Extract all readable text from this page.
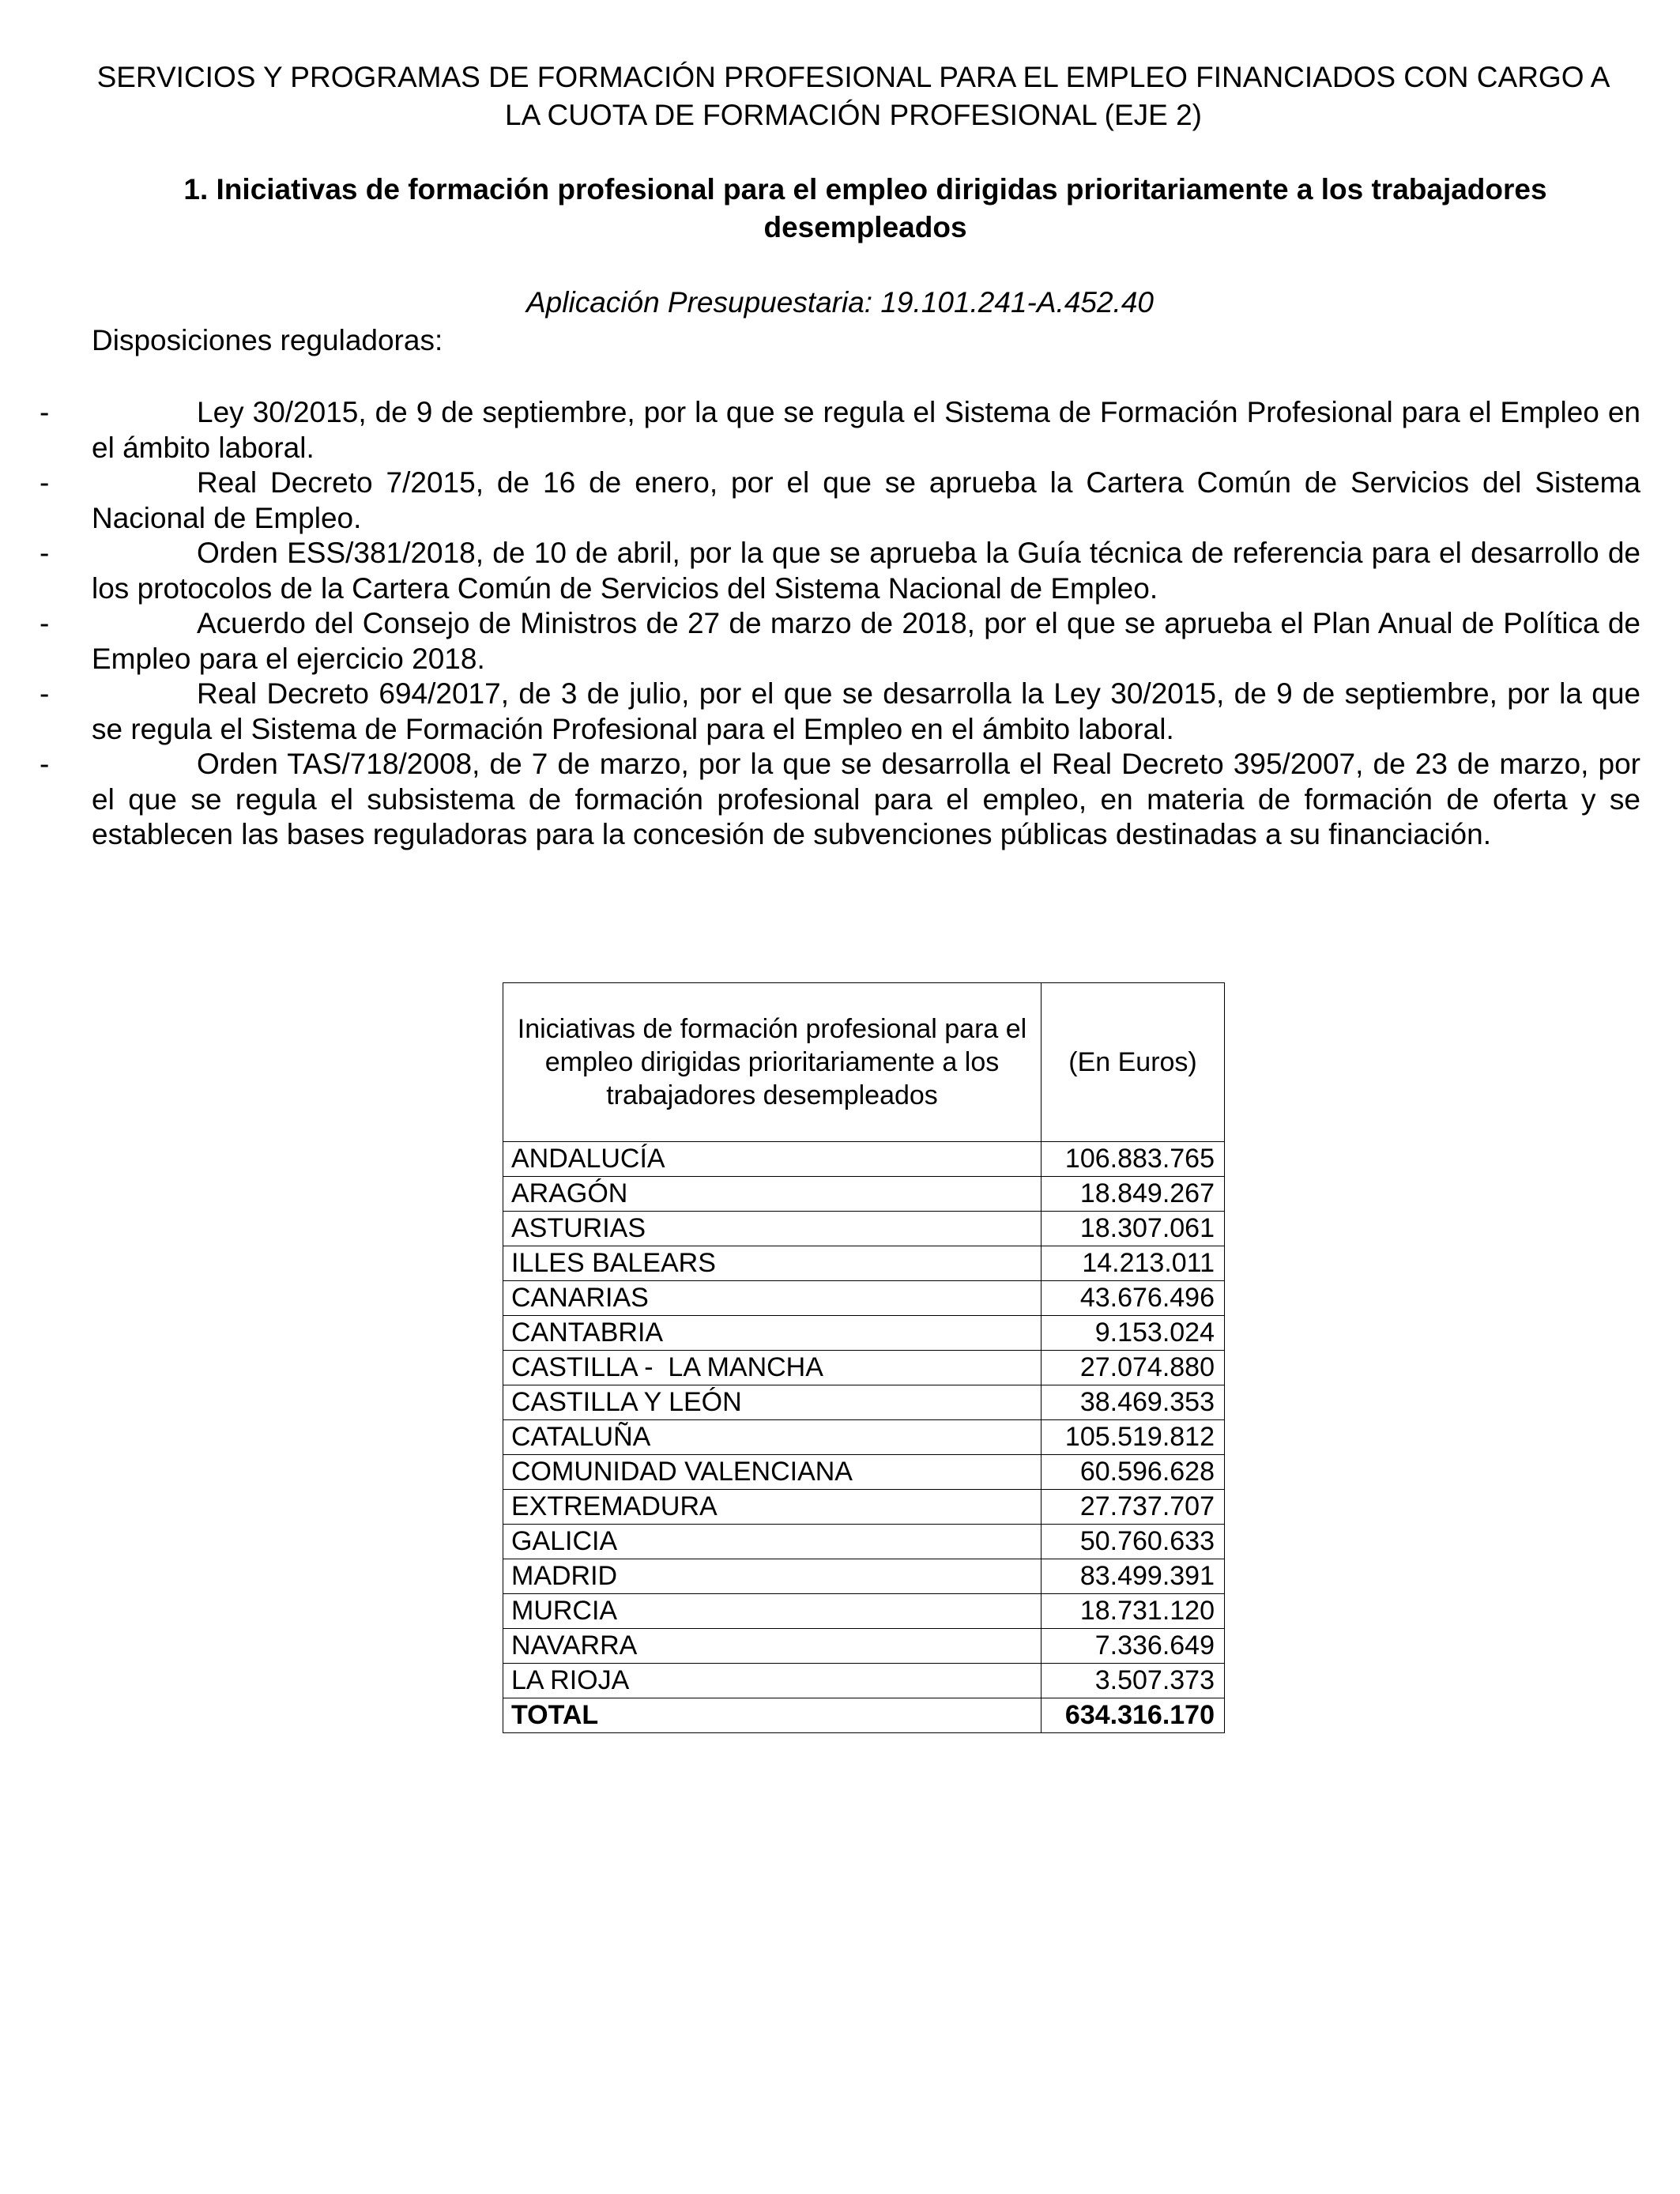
SERVICIOS Y PROGRAMAS DE FORMACIÓN PROFESIONAL PARA EL EMPLEO FINANCIADOS CON CARGO A LA CUOTA DE FORMACIÓN PROFESIONAL (EJE 2)
1. Iniciativas de formación profesional para el empleo dirigidas prioritariamente a los trabajadores desempleados

Aplicación Presupuestaria: 19.101.241-A.452.40

Disposiciones reguladoras:

-	Ley 30/2015, de 9 de septiembre, por la que se regula el Sistema de Formación Profesional para el Empleo en el ámbito laboral.
-	Real Decreto 7/2015, de 16 de enero, por el que se aprueba la Cartera Común de Servicios del Sistema Nacional de Empleo.
-	Orden ESS/381/2018, de 10 de abril, por la que se aprueba la Guía técnica de referencia para el desarrollo de los protocolos de la Cartera Común de Servicios del Sistema Nacional de Empleo.
-	Acuerdo del Consejo de Ministros de 27 de marzo de 2018, por el que se aprueba el Plan Anual de Política de Empleo para el ejercicio 2018.
-	Real Decreto 694/2017, de 3 de julio, por el que se desarrolla la Ley 30/2015, de 9 de septiembre, por la que se regula el Sistema de Formación Profesional para el Empleo en el ámbito laboral.
-	Orden TAS/718/2008, de 7 de marzo, por la que se desarrolla el Real Decreto 395/2007, de 23 de marzo, por el que se regula el subsistema de formación profesional para el empleo, en materia de formación de oferta y se establecen las bases reguladoras para la concesión de subvenciones públicas destinadas a su financiación.
Iniciativas de formación profesional para el empleo dirigidas prioritariamente a los trabajadores desempleados	(En Euros)
ANDALUCÍA	106.883.765
ARAGÓN	18.849.267
ASTURIAS	18.307.061
ILLES BALEARS	14.213.011
CANARIAS	43.676.496
CANTABRIA	9.153.024
CASTILLA -  LA MANCHA	27.074.880
CASTILLA Y LEÓN	38.469.353
CATALUÑA	105.519.812
COMUNIDAD VALENCIANA	60.596.628
EXTREMADURA	27.737.707
GALICIA	50.760.633
MADRID	83.499.391
MURCIA	18.731.120
NAVARRA	7.336.649
LA RIOJA	3.507.373
TOTAL	634.316.170
